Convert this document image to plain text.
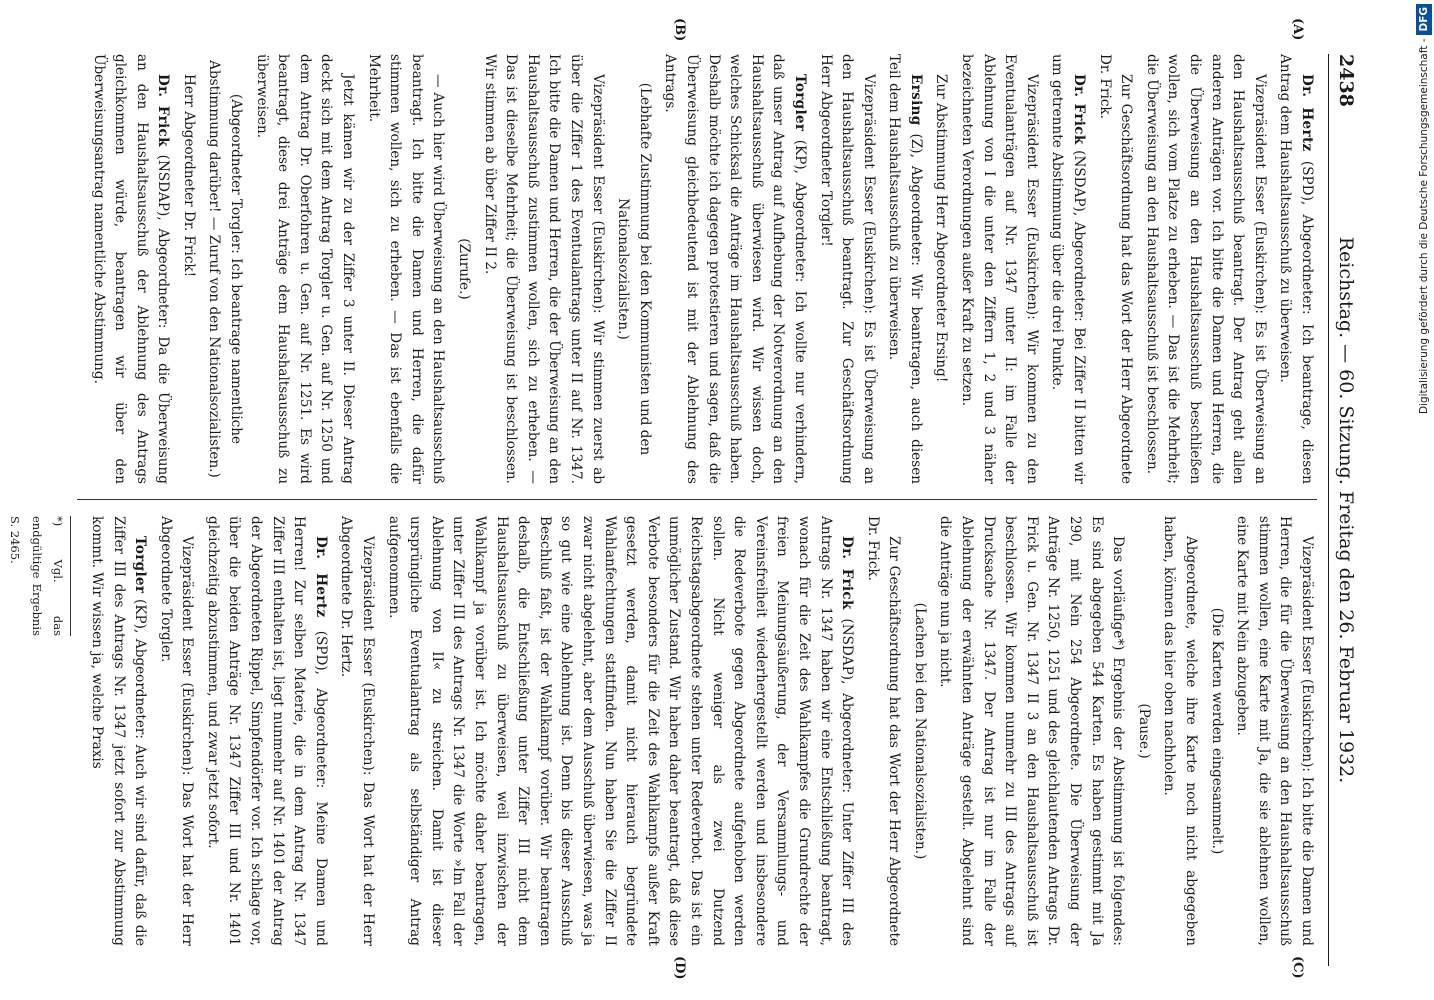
2438
Reichstag. — 60. Sitzung. Freitag den 26. Februar 1932.
(A)
(B)
(C)
(D)

Dr. Hertz (SPD), Abgeordneter: Ich beantrage, diesen Antrag dem Haushaltsausschuß zu überweisen.

Vizepräsident Esser (Euskirchen): Es ist Überweisung an den Haushaltsausschuß beantragt. Der Antrag geht allen anderen Anträgen vor. Ich bitte die Damen und Herren, die die Überweisung an den Haushaltsausschuß beschließen wollen, sich vom Platze zu erheben. — Das ist die Mehrheit; die Überweisung an den Haushaltsausschuß ist beschlossen.

Zur Geschäftsordnung hat das Wort der Herr Abgeordnete Dr. Frick.

Dr. Frick (NSDAP), Abgeordneter: Bei Ziffer II bitten wir um getrennte Abstimmung über die drei Punkte.

Vizepräsident Esser (Euskirchen): Wir kommen zu den Eventualanträgen auf Nr. 1347 unter II: im Falle der Ablehnung von I die unter den Ziffern 1, 2 und 3 näher bezeichneten Verordnungen außer Kraft zu setzen.

Zur Abstimmung Herr Abgeordneter Ersing!

Ersing (Z), Abgeordneter: Wir beantragen, auch diesen Teil dem Haushaltsausschuß zu überweisen.

Vizepräsident Esser (Euskirchen): Es ist Überweisung an den Haushaltsausschuß beantragt. Zur Geschäftsordnung Herr Abgeordneter Torgler!

Torgler (KP), Abgeordneter: Ich wollte nur verhindern, daß unser Antrag auf Aufhebung der Notverordnung an den Haushaltsausschuß überwiesen wird. Wir wissen doch, welches Schicksal die Anträge im Haushaltsausschuß haben. Deshalb möchte ich dagegen protestieren und sagen, daß die Überweisung gleichbedeutend ist mit der Ablehnung des Antrags.

(Lebhafte Zustimmung bei den Kommunisten und den Nationalsozialisten.)

Vizepräsident Esser (Euskirchen): Wir stimmen zuerst ab über die Ziffer 1 des Eventualantrags unter II auf Nr. 1347. Ich bitte die Damen und Herren, die der Überweisung an den Haushaltsausschuß zustimmen wollen, sich zu erheben. — Das ist dieselbe Mehrheit; die Überweisung ist beschlossen. Wir stimmen ab über Ziffer II 2.

(Zurufe.)

— Auch hier wird Überweisung an den Haushaltsausschuß beantragt. Ich bitte die Damen und Herren, die dafür stimmen wollen, sich zu erheben. — Das ist ebenfalls die Mehrheit.

Jetzt kämen wir zu der Ziffer 3 unter II. Dieser Antrag deckt sich mit dem Antrag Torgler u. Gen. auf Nr. 1250 und dem Antrag Dr. Oberfohren u. Gen. auf Nr. 1251. Es wird beantragt, diese drei Anträge dem Haushaltsausschuß zu überweisen.

(Abgeordneter Torgler: Ich beantrage namentliche Abstimmung darüber! — Zuruf von den Nationalsozialisten.)

Herr Abgeordneter Dr. Frick!

Dr. Frick (NSDAP), Abgeordneter: Da die Überweisung an den Haushaltsausschuß der Ablehnung des Antrags gleichkommen würde, beantragen wir über den Überweisungsantrag namentliche Abstimmung.

Vizepräsident Esser (Euskirchen): Ich bitte die Damen und Herren, die für die Überweisung an den Haushaltsausschuß stimmen wollen, eine Karte mit Ja, die sie ablehnen wollen, eine Karte mit Nein abzugeben.

(Die Karten werden eingesammelt.)

Abgeordnete, welche ihre Karte noch nicht abgegeben haben, können das hier oben nachholen.

(Pause.)

Das vorläufige*) Ergebnis der Abstimmung ist folgendes: Es sind abgegeben 544 Karten. Es haben gestimmt mit Ja 290, mit Nein 254 Abgeordnete. Die Überweisung der Anträge Nr. 1250, 1251 und des gleichlautenden Antrags Dr. Frick u. Gen. Nr. 1347 II 3 an den Haushaltsausschuß ist beschlossen. Wir kommen nunmehr zu III des Antrags auf Drucksache Nr. 1347. Der Antrag ist nur im Falle der Ablehnung der erwähnten Anträge gestellt. Abgelehnt sind die Anträge nun ja nicht.

(Lachen bei den Nationalsozialisten.)

Zur Geschäftsordnung hat das Wort der Herr Abgeordnete Dr. Frick.

Dr. Frick (NSDAP), Abgeordneter: Unter Ziffer III des Antrags Nr. 1347 haben wir eine Entschließung beantragt, wonach für die Zeit des Wahlkampfes die Grundrechte der freien Meinungsäußerung, der Versammlungs- und Vereinsfreiheit wiederhergestellt werden und insbesondere die Redeverbote gegen Abgeordnete aufgehoben werden sollen. Nicht weniger als zwei Dutzend Reichstagsabgeordnete stehen unter Redeverbot. Das ist ein unmöglicher Zustand. Wir haben daher beantragt, daß diese Verbote besonders für die Zeit des Wahlkampfs außer Kraft gesetzt werden, damit nicht hierauch begründete Wahlanfechtungen stattfinden. Nun haben Sie die Ziffer II zwar nicht abgelehnt, aber dem Ausschuß überwiesen, was ja so gut wie eine Ablehnung ist. Denn bis dieser Ausschuß Beschluß faßt, ist der Wahlkampf vorüber. Wir beantragen deshalb, die Entschließung unter Ziffer III nicht dem Haushaltsausschuß zu überweisen, weil inzwischen der Wahlkampf ja vorüber ist. Ich möchte daher beantragen, unter Ziffer III des Antrags Nr. 1347 die Worte »Im Fall der Ablehnung von II« zu streichen. Damit ist dieser ursprüngliche Eventualantrag als selbständiger Antrag aufgenommen.

Vizepräsident Esser (Euskirchen): Das Wort hat der Herr Abgeordnete Dr. Hertz.

Dr. Hertz (SPD), Abgeordneter: Meine Damen und Herren! Zur selben Materie, die in dem Antrag Nr. 1347 Ziffer III enthalten ist, liegt nunmehr auf Nr. 1401 der Antrag der Abgeordneten Rippel, Simpfendörfer vor. Ich schlage vor, über die beiden Anträge Nr. 1347 Ziffer III und Nr. 1401 gleichzeitig abzustimmen, und zwar jetzt sofort.

Vizepräsident Esser (Euskirchen): Das Wort hat der Herr Abgeordnete Torgler.

Torgler (KP), Abgeordneter: Auch wir sind dafür, daß die Ziffer III des Antrags Nr. 1347 jetzt sofort zur Abstimmung kommt. Wir wissen ja, welche Praxis

*) Vgl. das endgültige Ergebnis S. 2465.

Digitalisierung gefördert durch die Deutsche Forschungsgemeinschaft -DFG
